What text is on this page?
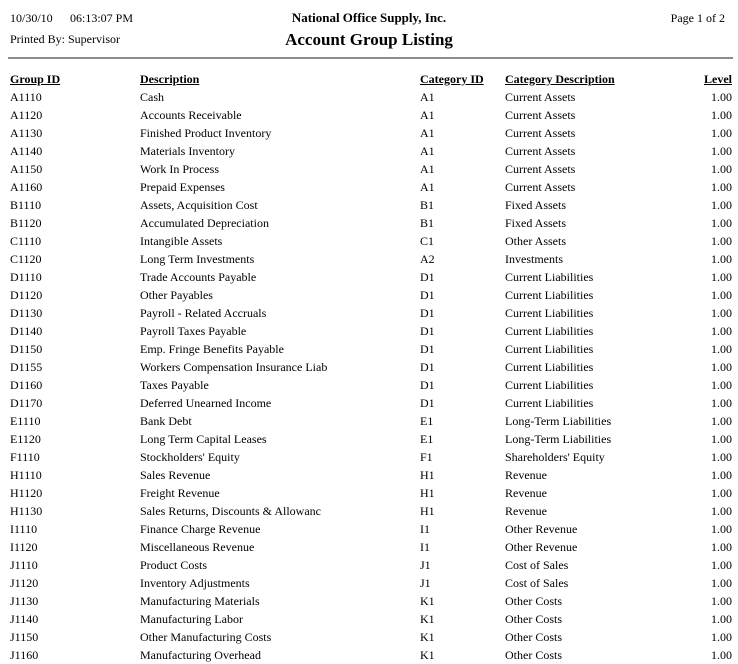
10/30/10 06:13:07 PM	National Office Supply, Inc.	Page 1 of 2
Printed By: Supervisor	Account Group Listing
Group ID	Description	Category ID	Category Description	Level
A1110	Cash	A1	Current Assets	1.00
A1120	Accounts Receivable	A1	Current Assets	1.00
A1130	Finished Product Inventory	A1	Current Assets	1.00
A1140	Materials Inventory	A1	Current Assets	1.00
A1150	Work In Process	A1	Current Assets	1.00
A1160	Prepaid Expenses	A1	Current Assets	1.00
B1110	Assets, Acquisition Cost	B1	Fixed Assets	1.00
B1120	Accumulated Depreciation	B1	Fixed Assets	1.00
C1110	Intangible Assets	C1	Other Assets	1.00
C1120	Long Term Investments	A2	Investments	1.00
D1110	Trade Accounts Payable	D1	Current Liabilities	1.00
D1120	Other Payables	D1	Current Liabilities	1.00
D1130	Payroll - Related Accruals	D1	Current Liabilities	1.00
D1140	Payroll Taxes Payable	D1	Current Liabilities	1.00
D1150	Emp. Fringe Benefits Payable	D1	Current Liabilities	1.00
D1155	Workers Compensation Insurance Liab	D1	Current Liabilities	1.00
D1160	Taxes Payable	D1	Current Liabilities	1.00
D1170	Deferred Unearned Income	D1	Current Liabilities	1.00
E1110	Bank Debt	E1	Long-Term Liabilities	1.00
E1120	Long Term Capital Leases	E1	Long-Term Liabilities	1.00
F1110	Stockholders' Equity	F1	Shareholders' Equity	1.00
H1110	Sales Revenue	H1	Revenue	1.00
H1120	Freight Revenue	H1	Revenue	1.00
H1130	Sales Returns, Discounts & Allowanc	H1	Revenue	1.00
I1110	Finance Charge Revenue	I1	Other Revenue	1.00
I1120	Miscellaneous Revenue	I1	Other Revenue	1.00
J1110	Product Costs	J1	Cost of Sales	1.00
J1120	Inventory Adjustments	J1	Cost of Sales	1.00
J1130	Manufacturing Materials	K1	Other Costs	1.00
J1140	Manufacturing Labor	K1	Other Costs	1.00
J1150	Other Manufacturing Costs	K1	Other Costs	1.00
J1160	Manufacturing Overhead	K1	Other Costs	1.00
